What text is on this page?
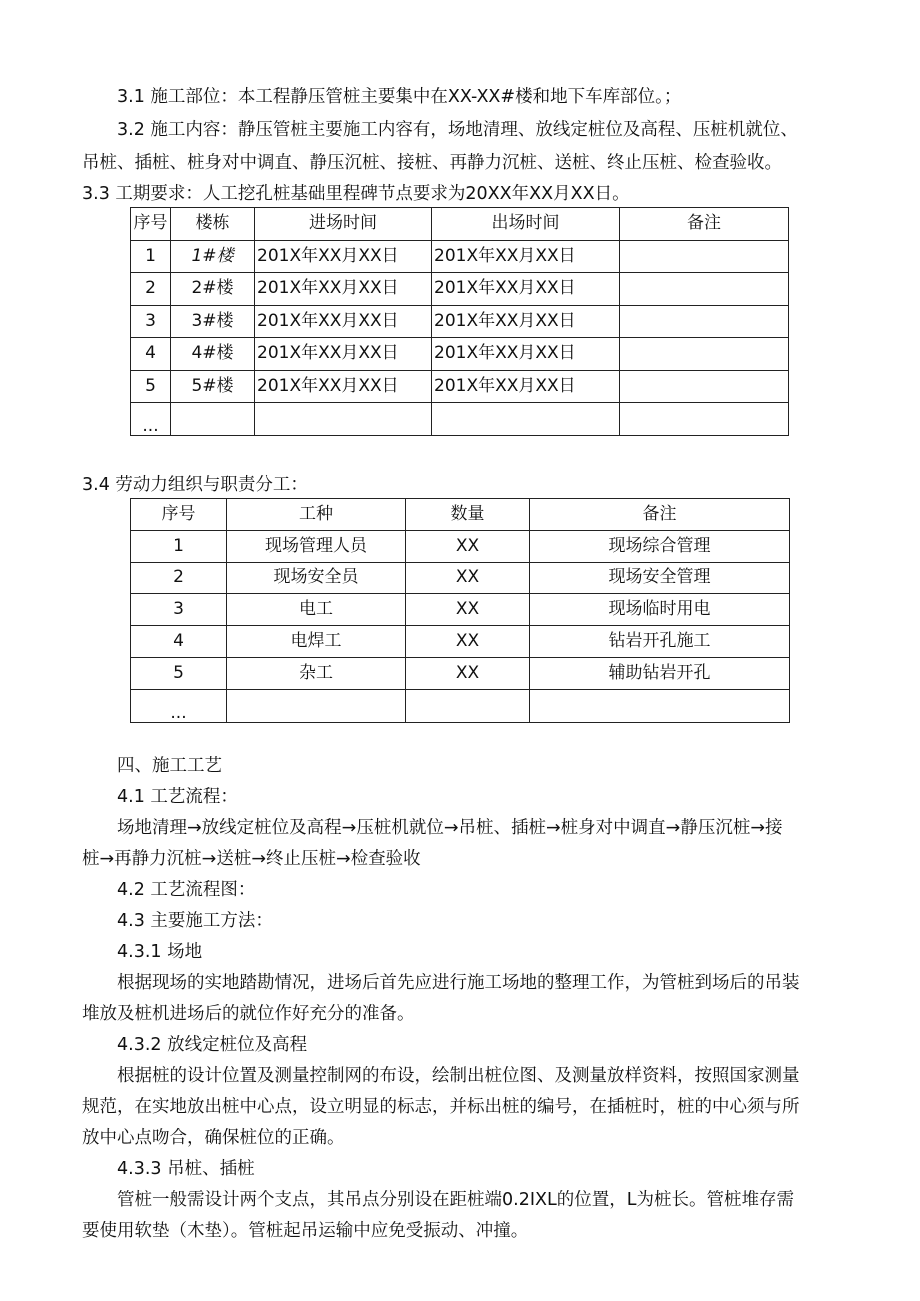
3.1 施工部位：本工程静压管桩主要集中在XX-XX#楼和地下车库部位。；
3.2 施工内容：静压管桩主要施工内容有，场地清理、放线定桩位及高程、压桩机就位、
吊桩、插桩、桩身对中调直、静压沉桩、接桩、再静力沉桩、送桩、终止压桩、检查验收。
3.3 工期要求：人工挖孔桩基础里程碑节点要求为20XX年XX月XX日。
序号	楼栋	进场时间	出场时间	备注
1	1#楼	201X年XX月XX日	201X年XX月XX日	
2	2#楼	201X年XX月XX日	201X年XX月XX日	
3	3#楼	201X年XX月XX日	201X年XX月XX日	
4	4#楼	201X年XX月XX日	201X年XX月XX日	
5	5#楼	201X年XX月XX日	201X年XX月XX日	
...				
3.4 劳动力组织与职责分工：
序号	工种	数量	备注
1	现场管理人员	XX	现场综合管理
2	现场安全员	XX	现场安全管理
3	电工	XX	现场临时用电
4	电焊工	XX	钻岩开孔施工
5	杂工	XX	辅助钻岩开孔
...			
四、施工工艺
4.1 工艺流程：
场地清理→放线定桩位及高程→压桩机就位→吊桩、插桩→桩身对中调直→静压沉桩→接
桩→再静力沉桩→送桩→终止压桩→检查验收
4.2 工艺流程图：
4.3 主要施工方法：
4.3.1 场地
根据现场的实地踏勘情况，进场后首先应进行施工场地的整理工作，为管桩到场后的吊装
堆放及桩机进场后的就位作好充分的准备。
4.3.2 放线定桩位及高程
根据桩的设计位置及测量控制网的布设，绘制出桩位图、及测量放样资料，按照国家测量
规范，在实地放出桩中心点，设立明显的标志，并标出桩的编号，在插桩时，桩的中心须与所
放中心点吻合，确保桩位的正确。
4.3.3 吊桩、插桩
管桩一般需设计两个支点，其吊点分别设在距桩端0.2IXL的位置，L为桩长。管桩堆存需
要使用软垫（木垫）。管桩起吊运输中应免受振动、冲撞。
